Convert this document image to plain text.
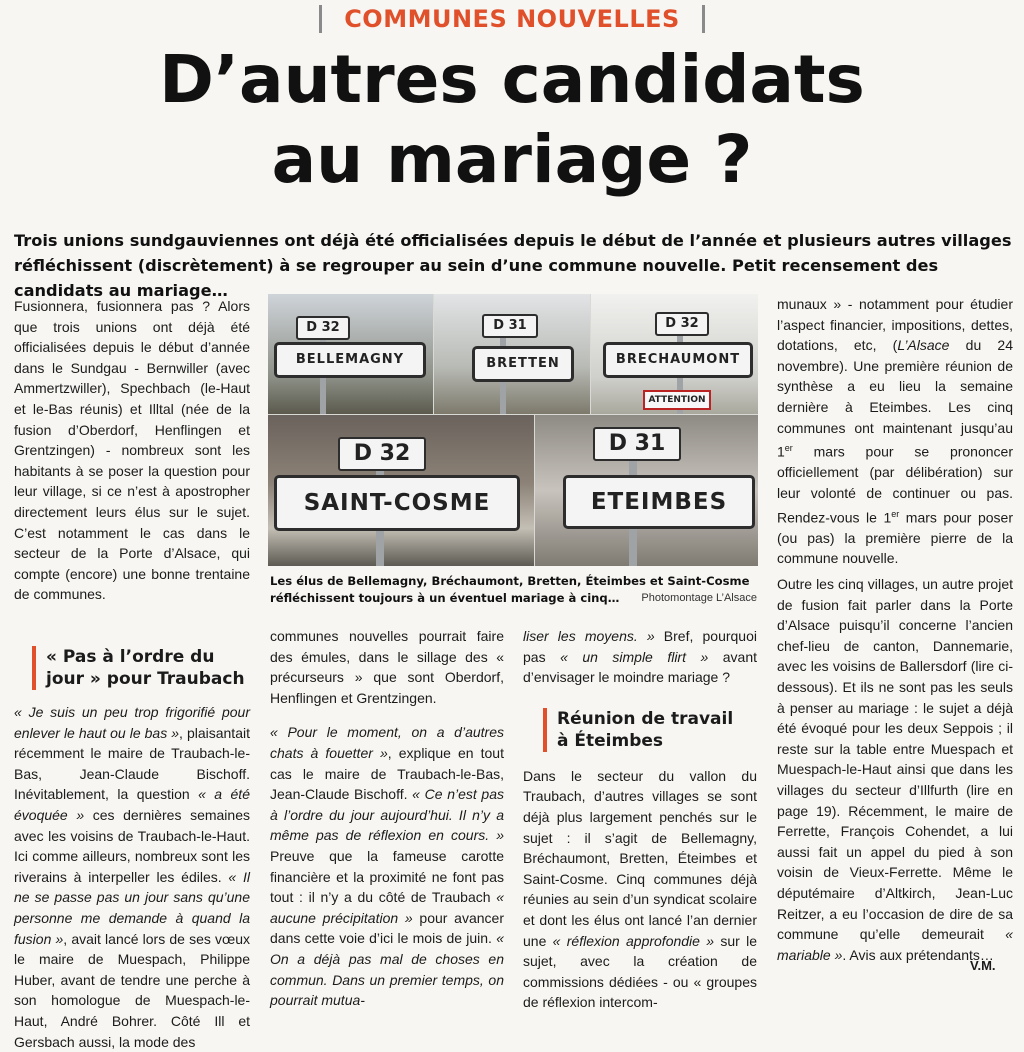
COMMUNES NOUVELLES
D’autres candidats
au mariage ?
Trois unions sundgauviennes ont déjà été officialisées depuis le début de l’année et plusieurs autres villages réfléchissent (discrètement) à se regrouper au sein d’une commune nouvelle. Petit recensement des candidats au mariage…

Fusionnera, fusionnera pas ? Alors que trois unions ont déjà été officialisées depuis le début d’année dans le Sundgau - Bernwiller (avec Ammertzwiller), Spechbach (le-Haut et le-Bas réunis) et Illtal (née de la fusion d’Oberdorf, Henflingen et Grentzingen) - nombreux sont les habitants à se poser la question pour leur village, si ce n’est à apostropher directement leurs élus sur le sujet. C’est notamment le cas dans le secteur de la Porte d’Alsace, qui compte (encore) une bonne trentaine de communes.

« Pas à l’ordre du
jour » pour Traubach

« Je suis un peu trop frigorifié pour enlever le haut ou le bas », plaisantait récemment le maire de Traubach-le-Bas, Jean-Claude Bischoff. Inévitablement, la question « a été évoquée » ces dernières semaines avec les voisins de Traubach-le-Haut. Ici comme ailleurs, nombreux sont les riverains à interpeller les édiles. « Il ne se passe pas un jour sans qu’une personne me demande à quand la fusion », avait lancé lors de ses vœux le maire de Muespach, Philippe Huber, avant de tendre une perche à son homologue de Muespach-le-Haut, André Bohrer. Côté Ill et Gersbach aussi, la mode des

D 32
BELLEMAGNY
D 31
BRETTEN
D 32
BRECHAUMONT
ATTENTION
D 32
SAINT-COSME
D 31
ETEIMBES
Les élus de Bellemagny, Bréchaumont, Bretten, Éteimbes et Saint-Cosme réfléchissent toujours à un éventuel mariage à cinq…	Photomontage L’Alsace

communes nouvelles pourrait faire des émules, dans le sillage des « précurseurs » que sont Oberdorf, Henflingen et Grentzingen.

« Pour le moment, on a d’autres chats à fouetter », explique en tout cas le maire de Traubach-le-Bas, Jean-Claude Bischoff. « Ce n’est pas à l’ordre du jour aujourd’hui. Il n’y a même pas de réflexion en cours. » Preuve que la fameuse carotte financière et la proximité ne font pas tout : il n’y a du côté de Traubach « aucune précipitation » pour avancer dans cette voie d’ici le mois de juin. « On a déjà pas mal de choses en commun. Dans un premier temps, on pourrait mutua-

liser les moyens. » Bref, pourquoi pas « un simple flirt » avant d’envisager le moindre mariage ?

Réunion de travail
à Éteimbes

Dans le secteur du vallon du Traubach, d’autres villages se sont déjà plus largement penchés sur le sujet : il s’agit de Bellemagny, Bréchaumont, Bretten, Éteimbes et Saint-Cosme. Cinq communes déjà réunies au sein d’un syndicat scolaire et dont les élus ont lancé l’an dernier une « réflexion approfondie » sur le sujet, avec la création de commissions dédiées - ou « groupes de réflexion intercom-

munaux » - notamment pour étudier l’aspect financier, impositions, dettes, dotations, etc, (L’Alsace du 24 novembre). Une première réunion de synthèse a eu lieu la semaine dernière à Eteimbes. Les cinq communes ont maintenant jusqu’au 1er mars pour se prononcer officiellement (par délibération) sur leur volonté de continuer ou pas. Rendez-vous le 1er mars pour poser (ou pas) la première pierre de la commune nouvelle.

Outre les cinq villages, un autre projet de fusion fait parler dans la Porte d’Alsace puisqu’il concerne l’ancien chef-lieu de canton, Dannemarie, avec les voisins de Ballersdorf (lire ci-dessous). Et ils ne sont pas les seuls à penser au mariage : le sujet a déjà été évoqué pour les deux Seppois ; il reste sur la table entre Muespach et Muespach-le-Haut ainsi que dans les villages du secteur d’Illfurth (lire en page 19). Récemment, le maire de Ferrette, François Cohendet, a lui aussi fait un appel du pied à son voisin de Vieux-Ferrette. Même le députémaire d’Altkirch, Jean-Luc Reitzer, a eu l’occasion de dire de sa commune qu’elle demeurait « mariable ». Avis aux prétendants…

V.M.
